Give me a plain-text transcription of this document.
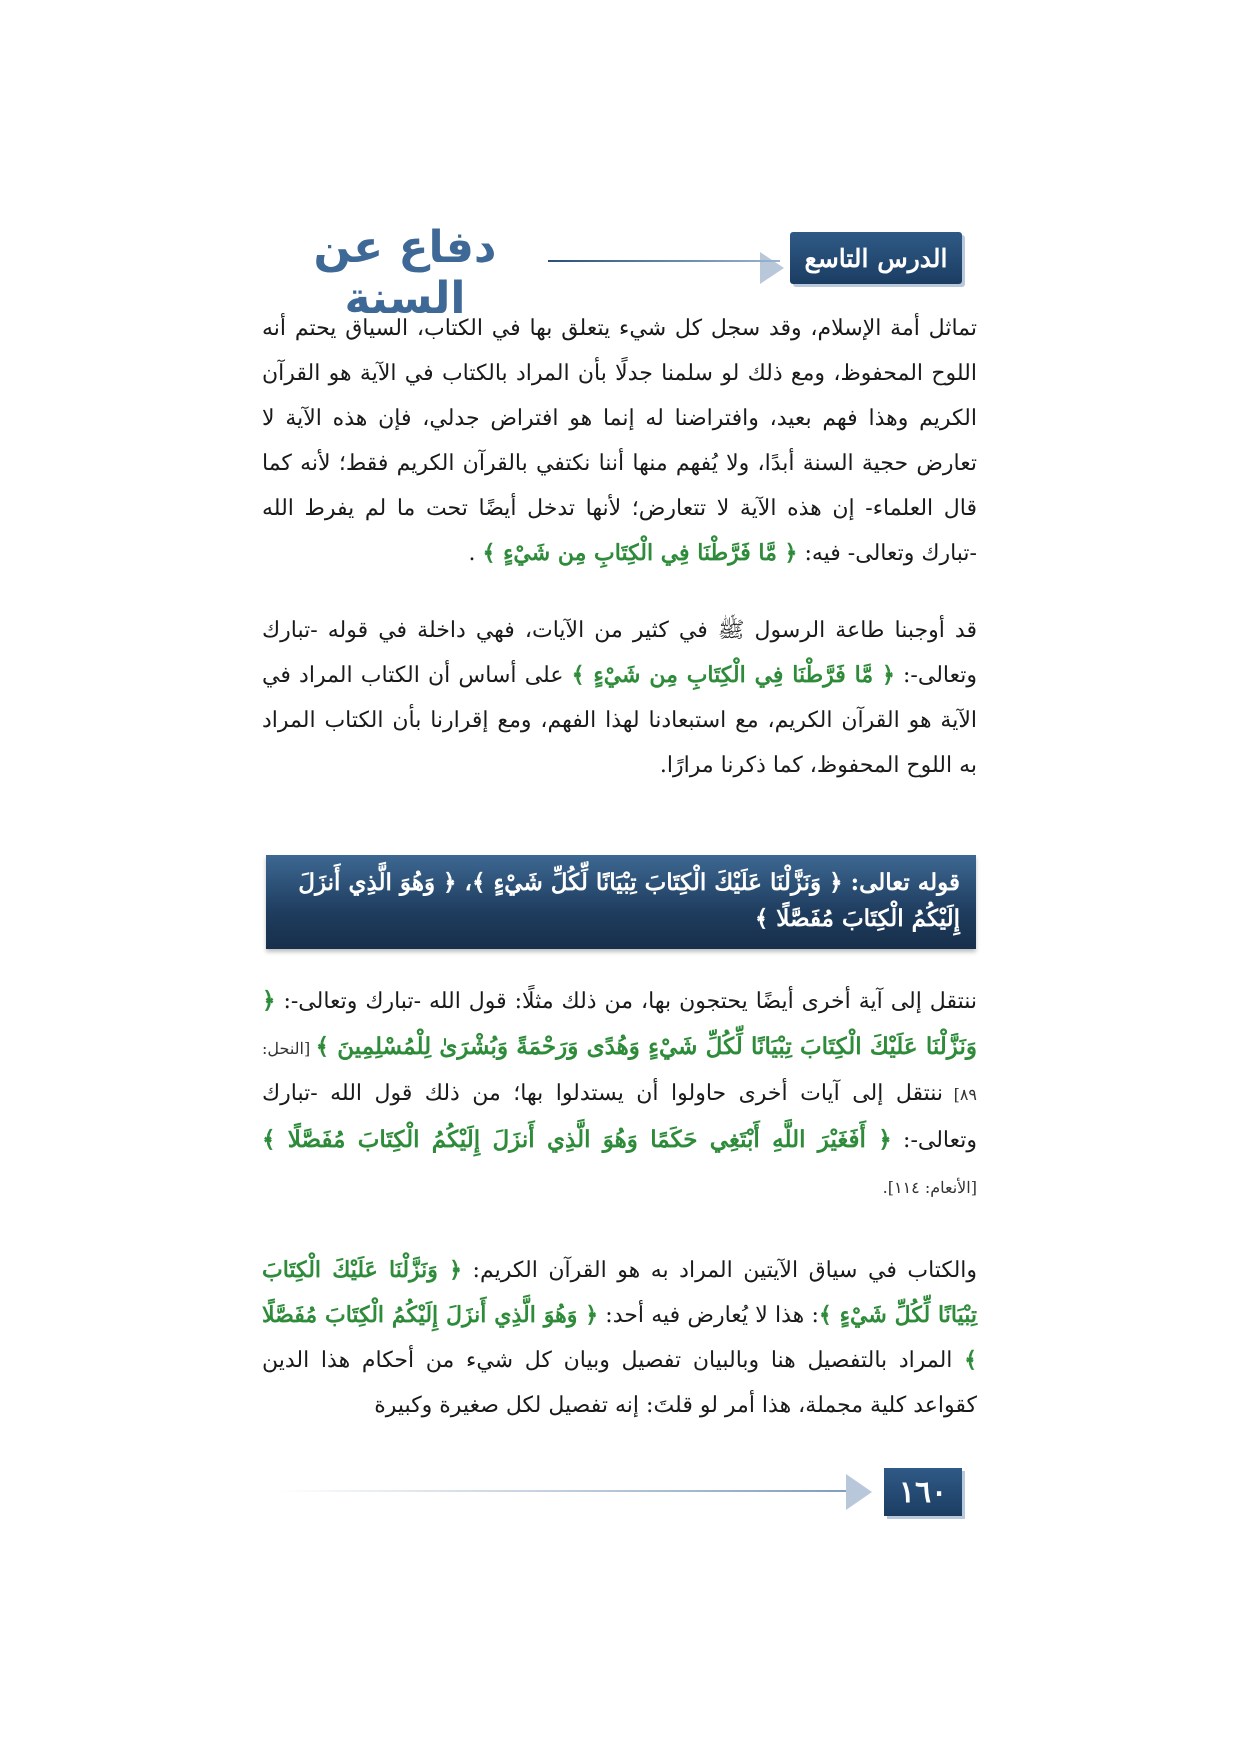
الدرس التاسع
دفاع عن السنة
تماثل أمة الإسلام، وقد سجل كل شيء يتعلق بها في الكتاب، السياق يحتم أنه اللوح المحفوظ، ومع ذلك لو سلمنا جدلًا بأن المراد بالكتاب في الآية هو القرآن الكريم وهذا فهم بعيد، وافتراضنا له إنما هو افتراض جدلي، فإن هذه الآية لا تعارض حجية السنة أبدًا، ولا يُفهم منها أننا نكتفي بالقرآن الكريم فقط؛ لأنه كما قال العلماء- إن هذه الآية لا تتعارض؛ لأنها تدخل أيضًا تحت ما لم يفرط الله -تبارك وتعالى- فيه: ﴿ مَّا فَرَّطْنَا فِي الْكِتَابِ مِن شَيْءٍ ﴾ .
قد أوجبنا طاعة الرسول ﷺ في كثير من الآيات، فهي داخلة في قوله -تبارك وتعالى-: ﴿ مَّا فَرَّطْنَا فِي الْكِتَابِ مِن شَيْءٍ ﴾ على أساس أن الكتاب المراد في الآية هو القرآن الكريم، مع استبعادنا لهذا الفهم، ومع إقرارنا بأن الكتاب المراد به اللوح المحفوظ، كما ذكرنا مرارًا.
قوله تعالى: ﴿ وَنَزَّلْنَا عَلَيْكَ الْكِتَابَ تِبْيَانًا لِّكُلِّ شَيْءٍ ﴾، ﴿ وَهُوَ الَّذِي أَنزَلَ إِلَيْكُمُ الْكِتَابَ مُفَصَّلًا ﴾
ننتقل إلى آية أخرى أيضًا يحتجون بها، من ذلك مثلًا: قول الله -تبارك وتعالى-: ﴿ وَنَزَّلْنَا عَلَيْكَ الْكِتَابَ تِبْيَانًا لِّكُلِّ شَيْءٍ وَهُدًى وَرَحْمَةً وَبُشْرَىٰ لِلْمُسْلِمِينَ ﴾ [النحل: ٨٩] ننتقل إلى آيات أخرى حاولوا أن يستدلوا بها؛ من ذلك قول الله -تبارك وتعالى-: ﴿ أَفَغَيْرَ اللَّهِ أَبْتَغِي حَكَمًا وَهُوَ الَّذِي أَنزَلَ إِلَيْكُمُ الْكِتَابَ مُفَصَّلًا ﴾ [الأنعام: ١١٤].
والكتاب في سياق الآيتين المراد به هو القرآن الكريم: ﴿ وَنَزَّلْنَا عَلَيْكَ الْكِتَابَ تِبْيَانًا لِّكُلِّ شَيْءٍ ﴾: هذا لا يُعارض فيه أحد: ﴿ وَهُوَ الَّذِي أَنزَلَ إِلَيْكُمُ الْكِتَابَ مُفَصَّلًا ﴾ المراد بالتفصيل هنا وبالبيان تفصيل وبيان كل شيء من أحكام هذا الدين كقواعد كلية مجملة، هذا أمر لو قلتَ: إنه تفصيل لكل صغيرة وكبيرة
١٦٠
